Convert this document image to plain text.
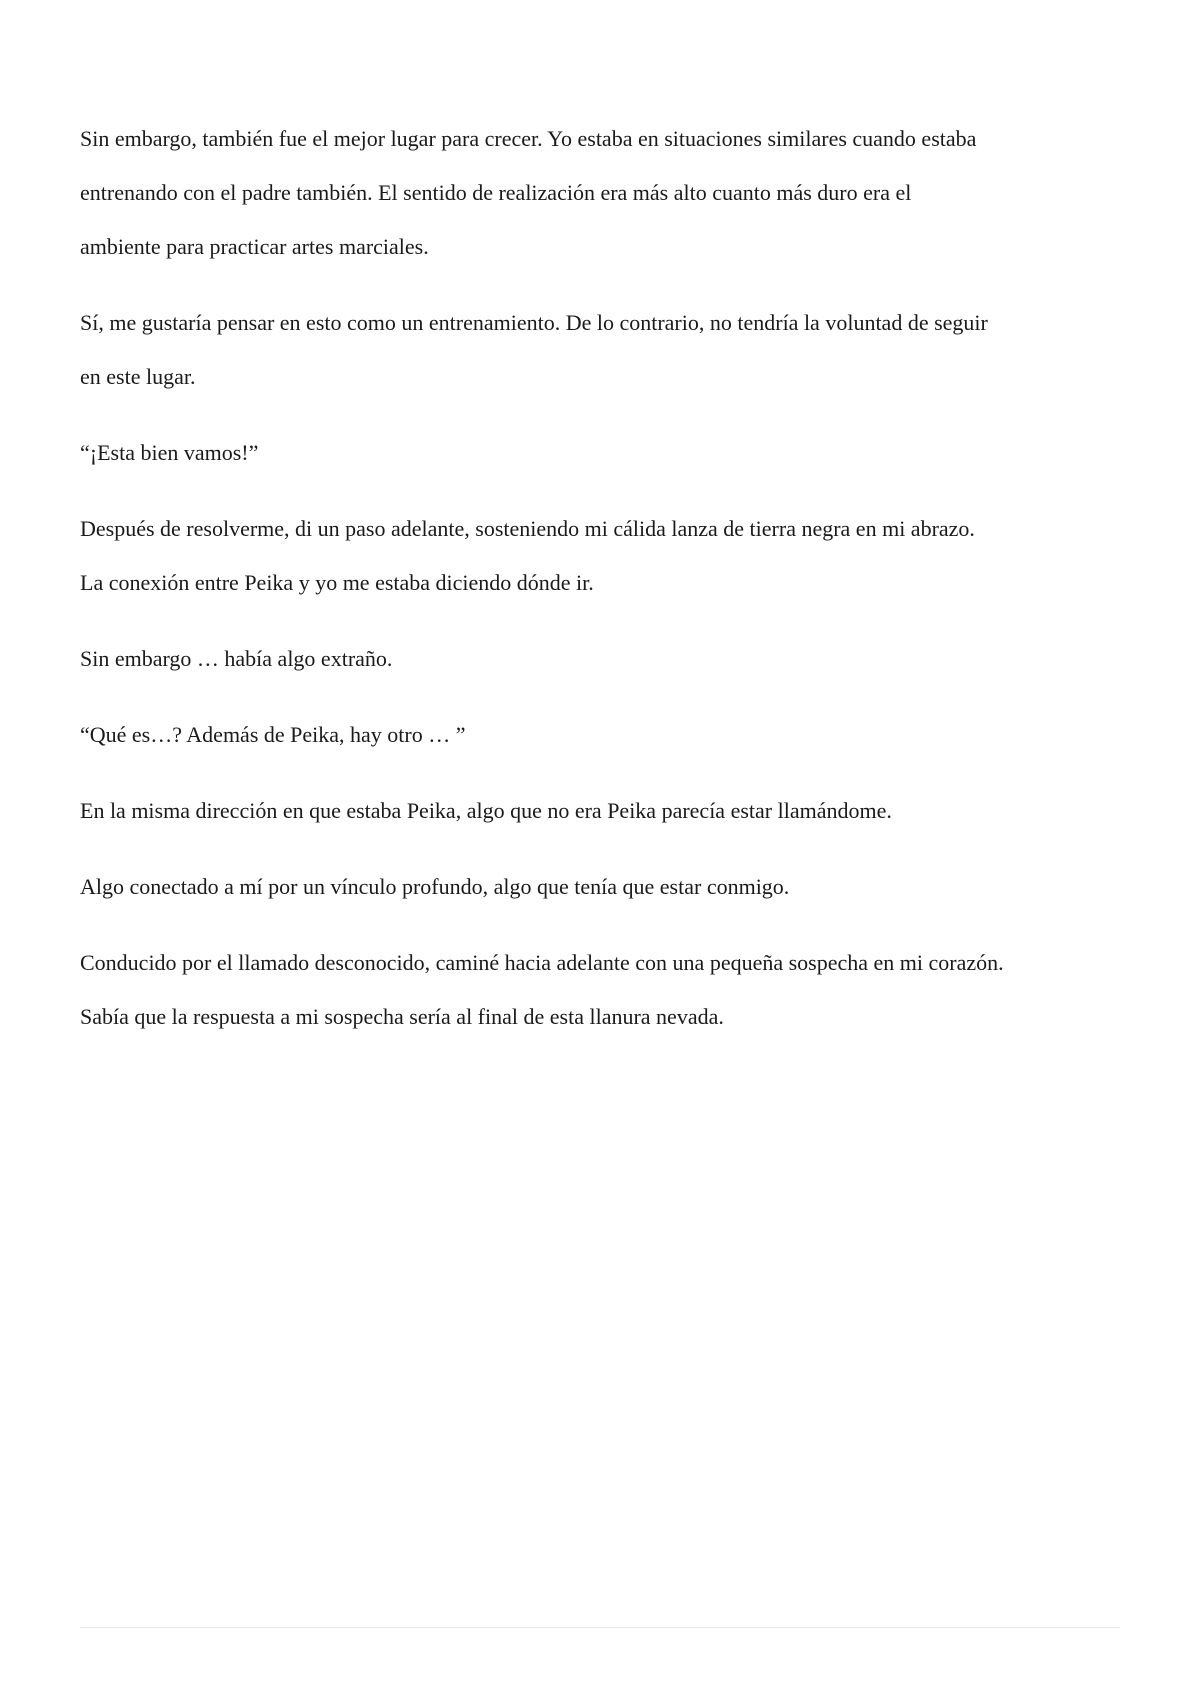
Sin embargo, también fue el mejor lugar para crecer. Yo estaba en situaciones similares cuando estaba
entrenando con el padre también. El sentido de realización era más alto cuanto más duro era el
ambiente para practicar artes marciales.

Sí, me gustaría pensar en esto como un entrenamiento. De lo contrario, no tendría la voluntad de seguir
en este lugar.

“¡Esta bien vamos!”

Después de resolverme, di un paso adelante, sosteniendo mi cálida lanza de tierra negra en mi abrazo.
La conexión entre Peika y yo me estaba diciendo dónde ir.

Sin embargo … había algo extraño.

“Qué es…? Además de Peika, hay otro … ”

En la misma dirección en que estaba Peika, algo que no era Peika parecía estar llamándome.

Algo conectado a mí por un vínculo profundo, algo que tenía que estar conmigo.

Conducido por el llamado desconocido, caminé hacia adelante con una pequeña sospecha en mi corazón.
Sabía que la respuesta a mi sospecha sería al final de esta llanura nevada.
